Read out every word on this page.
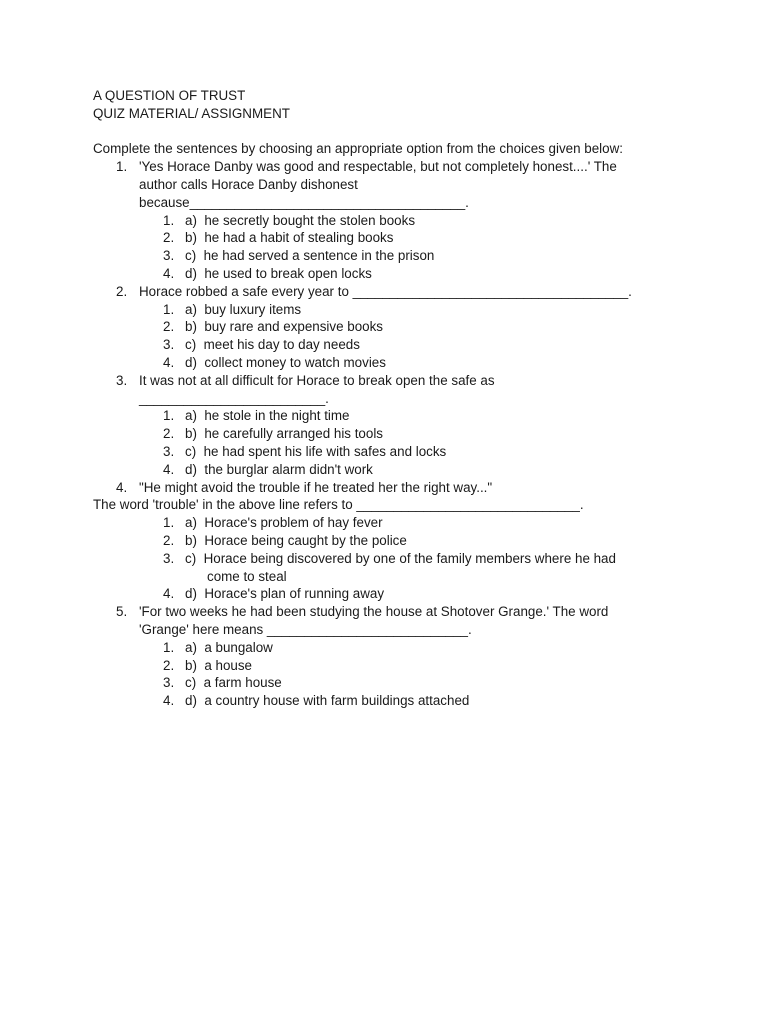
A QUESTION OF TRUST
QUIZ MATERIAL/ ASSIGNMENT
Complete the sentences by choosing an appropriate option from the choices given below:
1. 'Yes Horace Danby was good and respectable, but not completely honest....' The
author calls Horace Danby dishonest
because_____________________________________.
1. a)  he secretly bought the stolen books
2. b)  he had a habit of stealing books
3. c)  he had served a sentence in the prison
4. d)  he used to break open locks
2. Horace robbed a safe every year to _____________________________________.
1. a)  buy luxury items
2. b)  buy rare and expensive books
3. c)  meet his day to day needs
4. d)  collect money to watch movies
3. It was not at all difficult for Horace to break open the safe as
_________________________.
1. a)  he stole in the night time
2. b)  he carefully arranged his tools
3. c)  he had spent his life with safes and locks
4. d)  the burglar alarm didn't work
4. "He might avoid the trouble if he treated her the right way..."
The word 'trouble' in the above line refers to ______________________________.
1. a)  Horace's problem of hay fever
2. b)  Horace being caught by the police
3. c)  Horace being discovered by one of the family members where he had
come to steal
4. d)  Horace's plan of running away
5. 'For two weeks he had been studying the house at Shotover Grange.' The word
'Grange' here means ___________________________.
1. a)  a bungalow
2. b)  a house
3. c)  a farm house
4. d)  a country house with farm buildings attached
